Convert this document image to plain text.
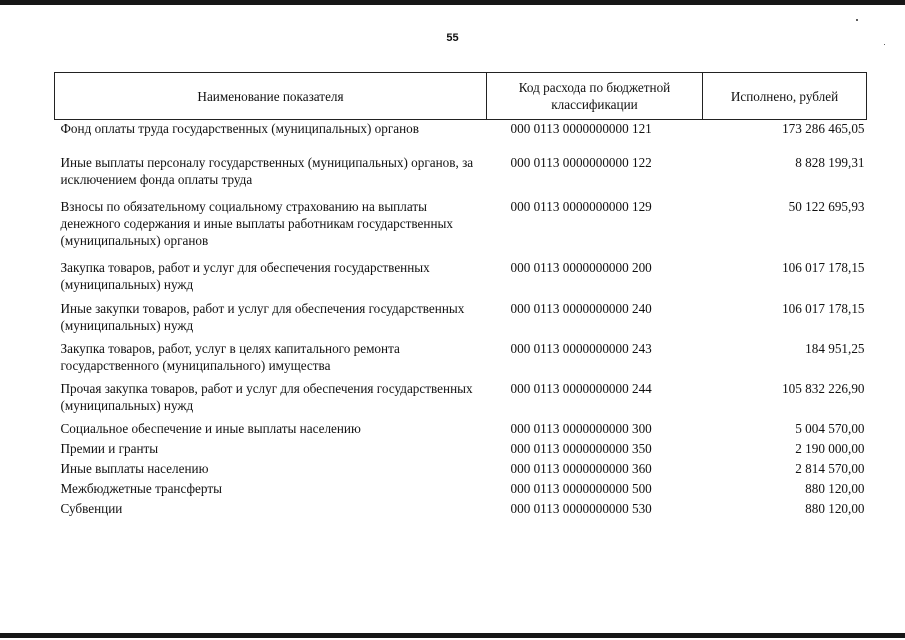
55
Наименование показателя	Код расхода по бюджетной классификации	Исполнено, рублей
Фонд оплаты труда государственных (муниципальных) органов	000 0113 0000000000 121	173 286 465,05
Иные выплаты персоналу государственных (муниципальных) органов, за исключением фонда оплаты труда	000 0113 0000000000 122	8 828 199,31
Взносы по обязательному социальному страхованию на выплаты денежного содержания и иные выплаты работникам государственных (муниципальных) органов	000 0113 0000000000 129	50 122 695,93
Закупка товаров, работ и услуг для обеспечения государственных (муниципальных) нужд	000 0113 0000000000 200	106 017 178,15
Иные закупки товаров, работ и услуг для обеспечения государственных (муниципальных) нужд	000 0113 0000000000 240	106 017 178,15
Закупка товаров, работ, услуг в целях капитального ремонта государственного (муниципального) имущества	000 0113 0000000000 243	184 951,25
Прочая закупка товаров, работ и услуг для обеспечения государственных (муниципальных) нужд	000 0113 0000000000 244	105 832 226,90
Социальное обеспечение и иные выплаты населению	000 0113 0000000000 300	5 004 570,00
Премии и гранты	000 0113 0000000000 350	2 190 000,00
Иные выплаты населению	000 0113 0000000000 360	2 814 570,00
Межбюджетные трансферты	000 0113 0000000000 500	880 120,00
Субвенции	000 0113 0000000000 530	880 120,00
